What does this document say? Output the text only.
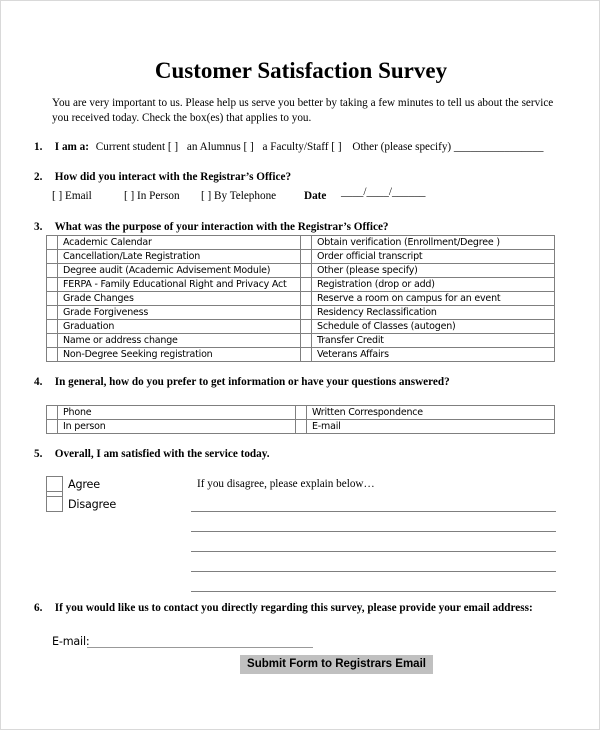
Customer Satisfaction Survey
You are very important to us. Please help us serve you better by taking a few minutes to tell us about the service you received today. Check the box(es) that applies to you.
1. I am a: Current student [ ] an Alumnus [ ] a Faculty/Staff [ ] Other (please specify) ________________
2. How did you interact with the Registrar’s Office?
[ ] Email	[ ] In Person [ ] By Telephone Date ____/____/______
3. What was the purpose of your interaction with the Registrar’s Office?
	Academic Calendar		Obtain verification (Enrollment/Degree )
	Cancellation/Late Registration		Order official transcript
	Degree audit (Academic Advisement Module)		Other (please specify)
	FERPA - Family Educational Right and Privacy Act		Registration (drop or add)
	Grade Changes		Reserve a room on campus for an event
	Grade Forgiveness		Residency Reclassification
	Graduation		Schedule of Classes (autogen)
	Name or address change		Transfer Credit
	Non-Degree Seeking registration		Veterans Affairs
4. In general, how do you prefer to get information or have your questions answered?
	Phone		Written Correspondence
	In person		E-mail
5. Overall, I am satisfied with the service today.
Agree
Disagree
If you disagree, please explain below…
6. If you would like us to contact you directly regarding this survey, please provide your email address:
E-mail:
Submit Form to Registrars Email
